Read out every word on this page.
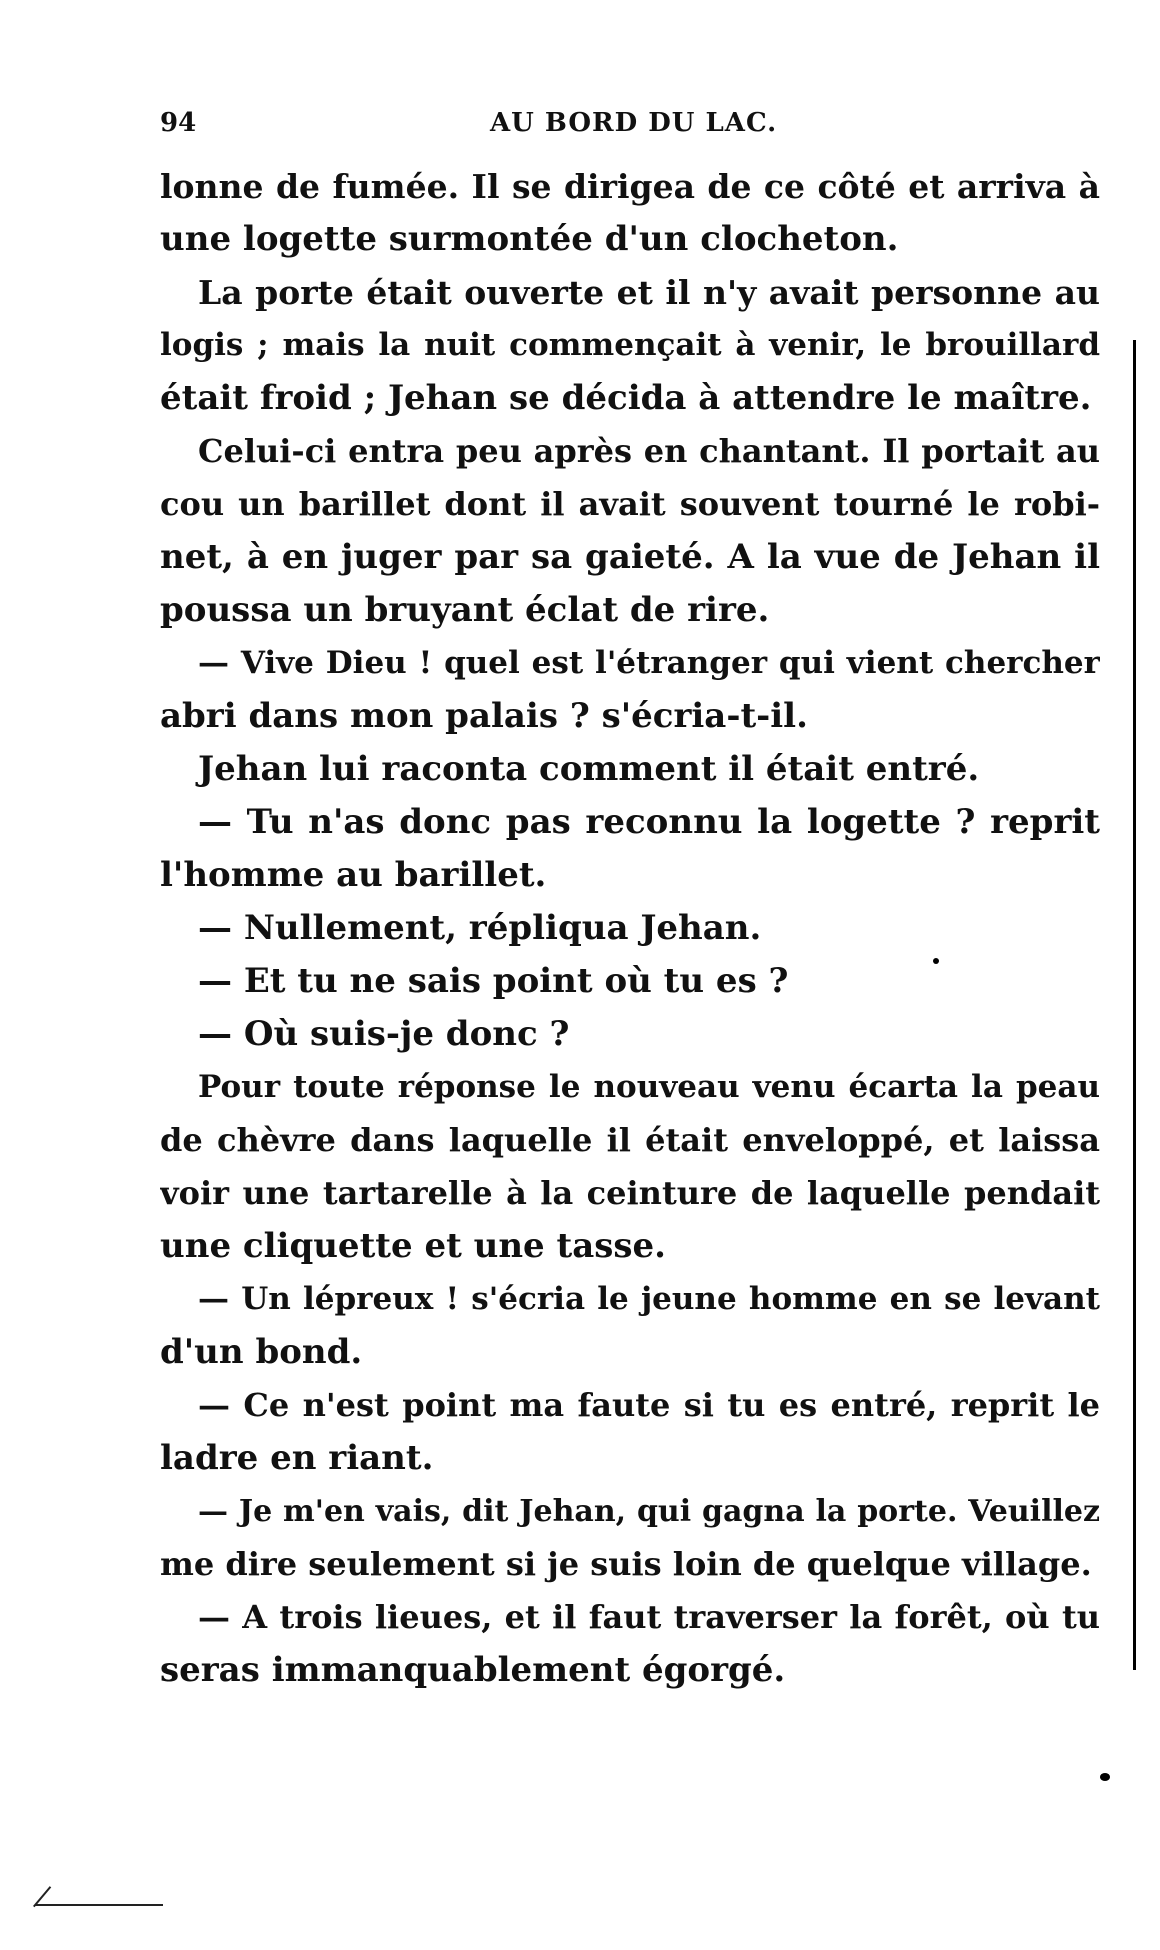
94	AU BORD DU LAC.

lonne de fumée. Il se dirigea de ce côté et arriva à
une logette surmontée d'un clocheton.

La porte était ouverte et il n'y avait personne au
logis ; mais la nuit commençait à venir, le brouillard
était froid ; Jehan se décida à attendre le maître.

Celui-ci entra peu après en chantant. Il portait au
cou un barillet dont il avait souvent tourné le robi-
net, à en juger par sa gaieté. A la vue de Jehan il
poussa un bruyant éclat de rire.

— Vive Dieu ! quel est l'étranger qui vient chercher
abri dans mon palais ? s'écria-t-il.

Jehan lui raconta comment il était entré.

— Tu n'as donc pas reconnu la logette ? reprit
l'homme au barillet.

— Nullement, répliqua Jehan.

— Et tu ne sais point où tu es ?

— Où suis-je donc ?

Pour toute réponse le nouveau venu écarta la peau
de chèvre dans laquelle il était enveloppé, et laissa
voir une tartarelle à la ceinture de laquelle pendait
une cliquette et une tasse.

— Un lépreux ! s'écria le jeune homme en se levant
d'un bond.

— Ce n'est point ma faute si tu es entré, reprit le
ladre en riant.

— Je m'en vais, dit Jehan, qui gagna la porte. Veuillez
me dire seulement si je suis loin de quelque village.

— A trois lieues, et il faut traverser la forêt, où tu
seras immanquablement égorgé.
